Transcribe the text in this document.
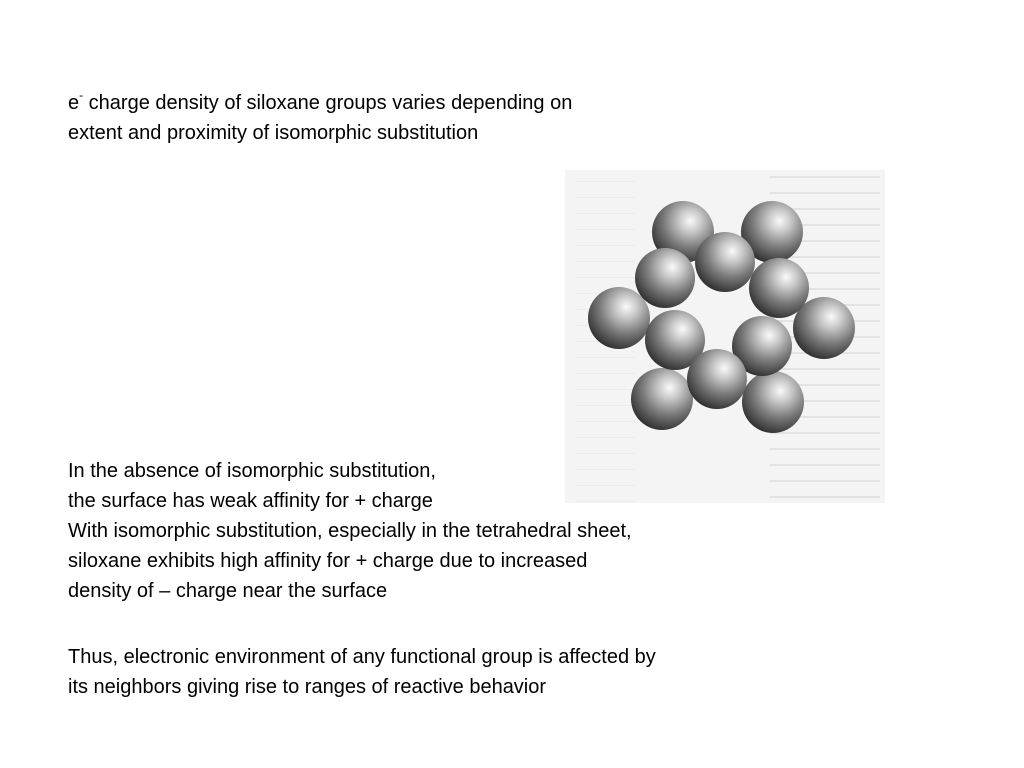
e- charge density of siloxane groups varies depending on
extent and proximity of isomorphic substitution

In the absence of isomorphic substitution,
the surface has weak affinity for + charge
With isomorphic substitution, especially in the tetrahedral sheet,
siloxane exhibits high affinity for + charge due to increased
density of – charge near the surface

Thus, electronic environment of any functional group is affected by
its neighbors giving rise to ranges of reactive behavior
